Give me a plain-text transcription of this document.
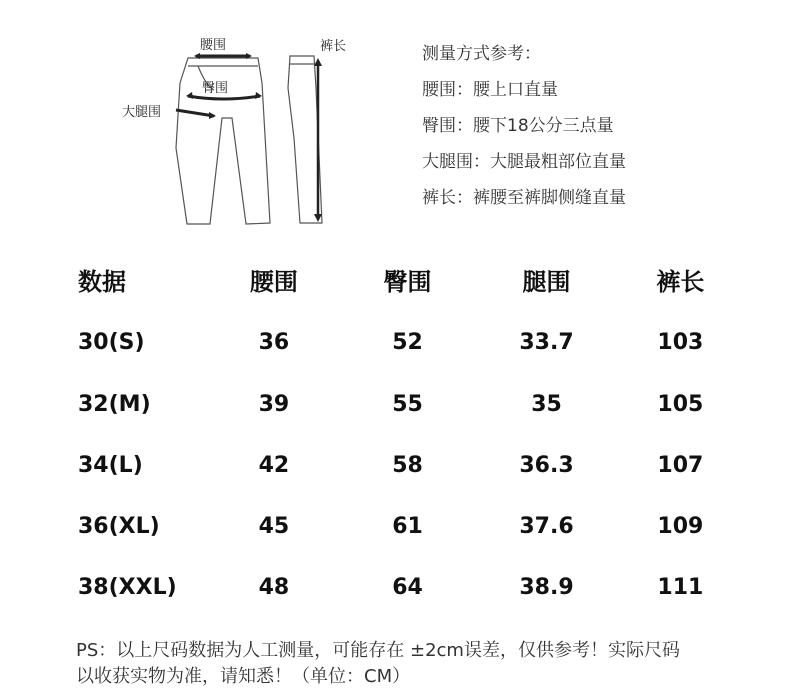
腰围
臀围
大腿围
裤长	测量方式参考：
腰围：腰上口直量
臀围：腰下18公分三点量
大腿围：大腿最粗部位直量
裤长：裤腰至裤脚侧缝直量
数据	腰围	臀围	腿围	裤长
30(S)	36	52	33.7	103
32(M)	39	55	35	105
34(L)	42	58	36.3	107
36(XL)	45	61	37.6	109
38(XXL)	48	64	38.9	111
PS：以上尺码数据为人工测量，可能存在 ±2cm误差，仅供参考！实际尺码
以收获实物为准，请知悉！（单位：CM）
